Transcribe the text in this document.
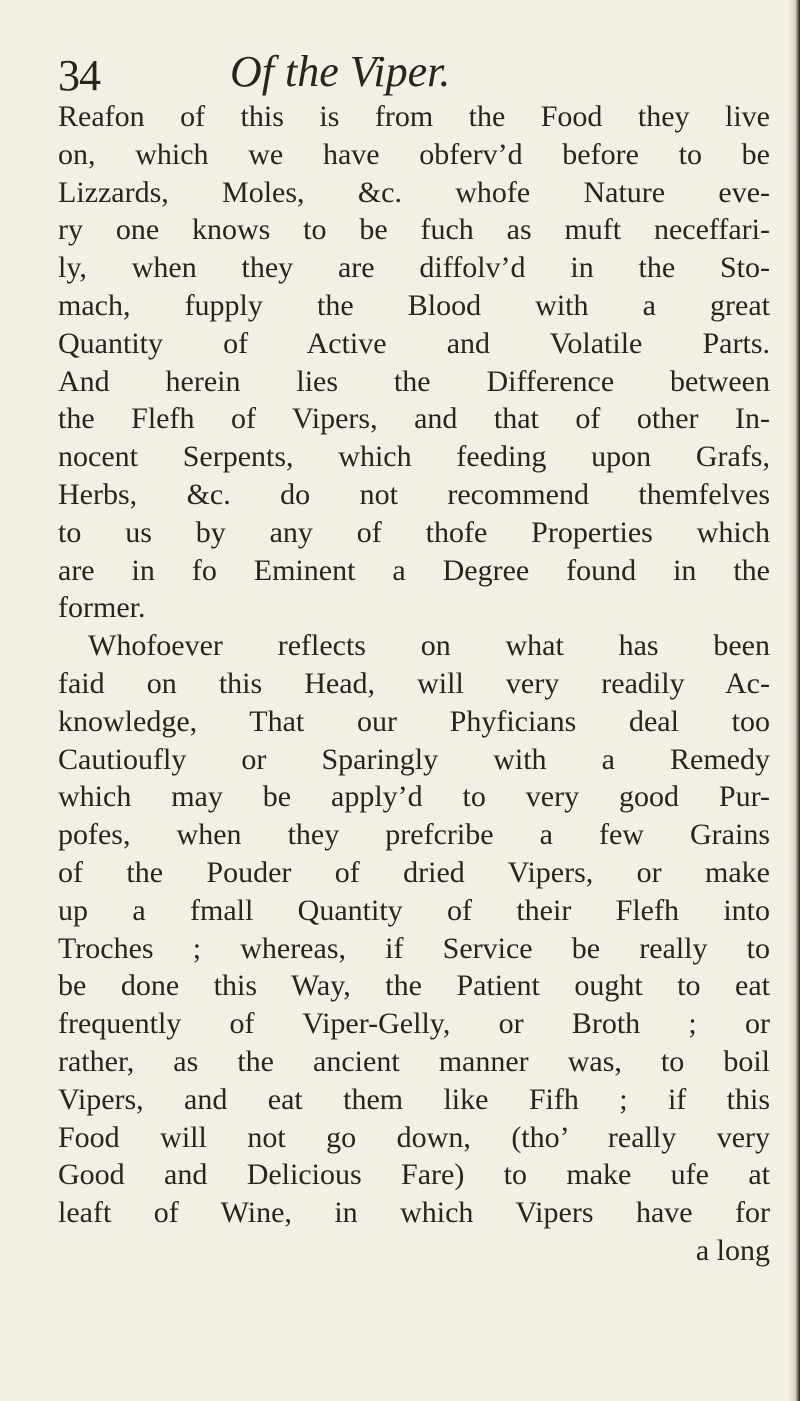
34	Of the Viper.
Reafon of this is from the Food they live
on, which we have obferv’d before to be
Lizzards, Moles, &c. whofe Nature eve-
ry one knows to be fuch as muft neceffari-
ly, when they are diffolv’d in the Sto-
mach, fupply the Blood with a great
Quantity of Active and Volatile Parts.
And herein lies the Difference between
the Flefh of Vipers, and that of other In-
nocent Serpents, which feeding upon Grafs,
Herbs, &c. do not recommend themfelves
to us by any of thofe Properties which
are in fo Eminent a Degree found in the
former.
Whofoever reflects on what has been
faid on this Head, will very readily Ac-
knowledge, That our Phyficians deal too
Cautioufly or Sparingly with a Remedy
which may be apply’d to very good Pur-
pofes, when they prefcribe a few Grains
of the Pouder of dried Vipers, or make
up a fmall Quantity of their Flefh into
Troches ; whereas, if Service be really to
be done this Way, the Patient ought to eat
frequently of Viper-Gelly, or Broth ; or
rather, as the ancient manner was, to boil
Vipers, and eat them like Fifh ; if this
Food will not go down, (tho’ really very
Good and Delicious Fare) to make ufe at
leaft of Wine, in which Vipers have for
a long
